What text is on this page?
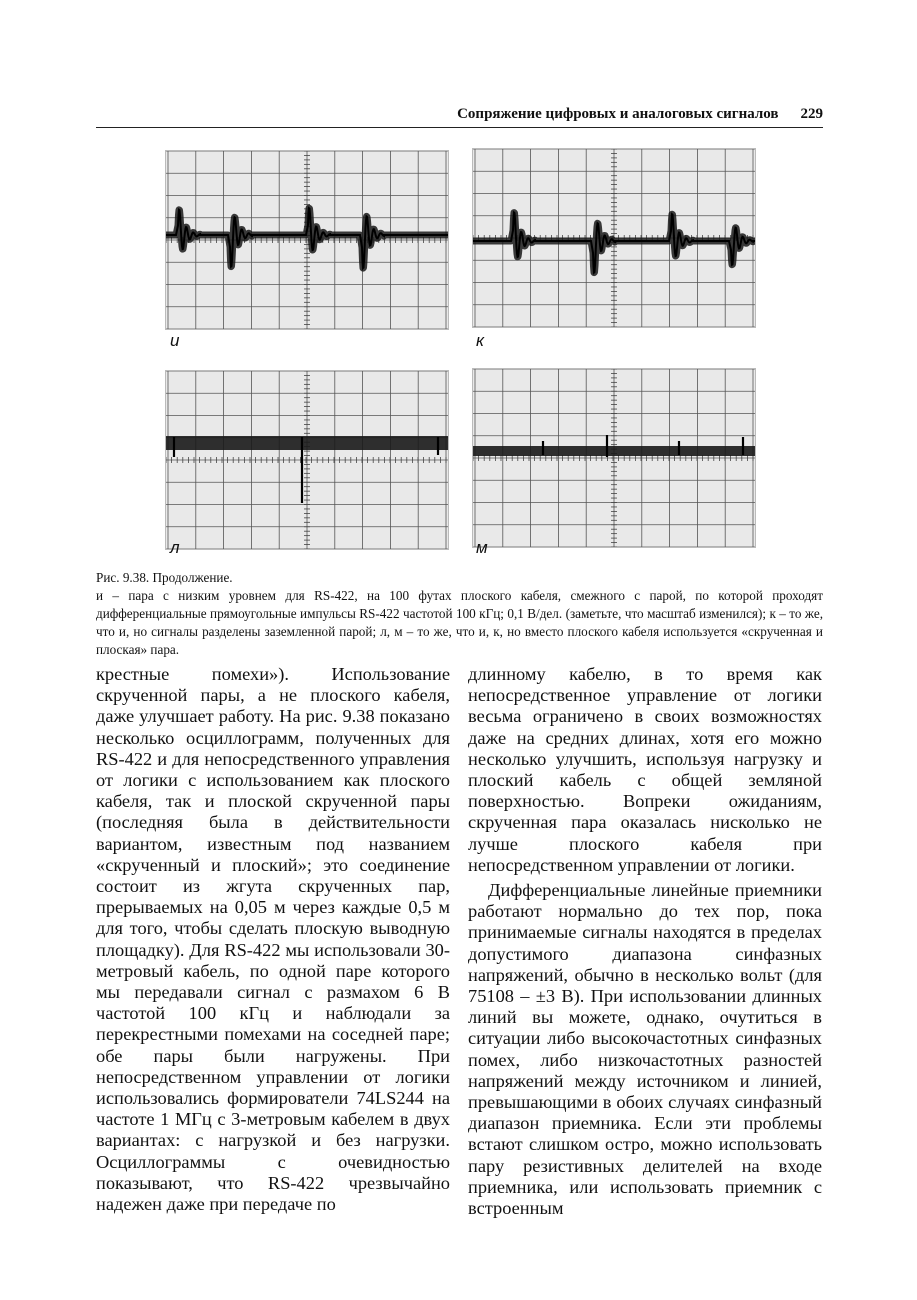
Сопряжение цифровых и аналоговых сигналов 229
и	к
л	м

Рис. 9.38. Продолжение.

и – пара с низким уровнем для RS-422, на 100 футах плоского кабеля, смежного с парой, по которой проходят дифференциальные прямоугольные импульсы RS-422 частотой 100 кГц; 0,1 В/дел. (заметьте, что масштаб изменился); к – то же, что и, но сигналы разделены заземленной парой; л, м – то же, что и, к, но вместо плоского кабеля используется «скрученная и плоская» пара.

крестные помехи»). Использование скрученной пары, а не плоского кабеля, даже улучшает работу. На рис. 9.38 показано несколько осциллограмм, полученных для RS-422 и для непосредственного управления от логики с использованием как плоского кабеля, так и плоской скрученной пары (последняя была в действительности вариантом, известным под названием «скрученный и плоский»; это соединение состоит из жгута скрученных пар, прерываемых на 0,05 м через каждые 0,5 м для того, чтобы сделать плоскую выводную площадку). Для RS-422 мы использовали 30-метровый кабель, по одной паре которого мы передавали сигнал с размахом 6 В частотой 100 кГц и наблюдали за перекрестными помехами на соседней паре; обе пары были нагружены. При непосредственном управлении от логики использовались формирователи 74LS244 на частоте 1 МГц с 3-метровым кабелем в двух вариантах: с нагрузкой и без нагрузки. Осциллограммы с очевидностью показывают, что RS-422 чрезвычайно надежен даже при передаче по

длинному кабелю, в то время как непосредственное управление от логики весьма ограничено в своих возможностях даже на средних длинах, хотя его можно несколько улучшить, используя нагрузку и плоский кабель с общей земляной поверхностью. Вопреки ожиданиям, скрученная пара оказалась нисколько не лучше плоского кабеля при непосредственном управлении от логики.

Дифференциальные линейные приемники работают нормально до тех пор, пока принимаемые сигналы находятся в пределах допустимого диапазона синфазных напряжений, обычно в несколько вольт (для 75108 – ±3 В). При использовании длинных линий вы можете, однако, очутиться в ситуации либо высокочастотных синфазных помех, либо низкочастотных разностей напряжений между источником и линией, превышающими в обоих случаях синфазный диапазон приемника. Если эти проблемы встают слишком остро, можно использовать пару резистивных делителей на входе приемника, или использовать приемник с встроенным
